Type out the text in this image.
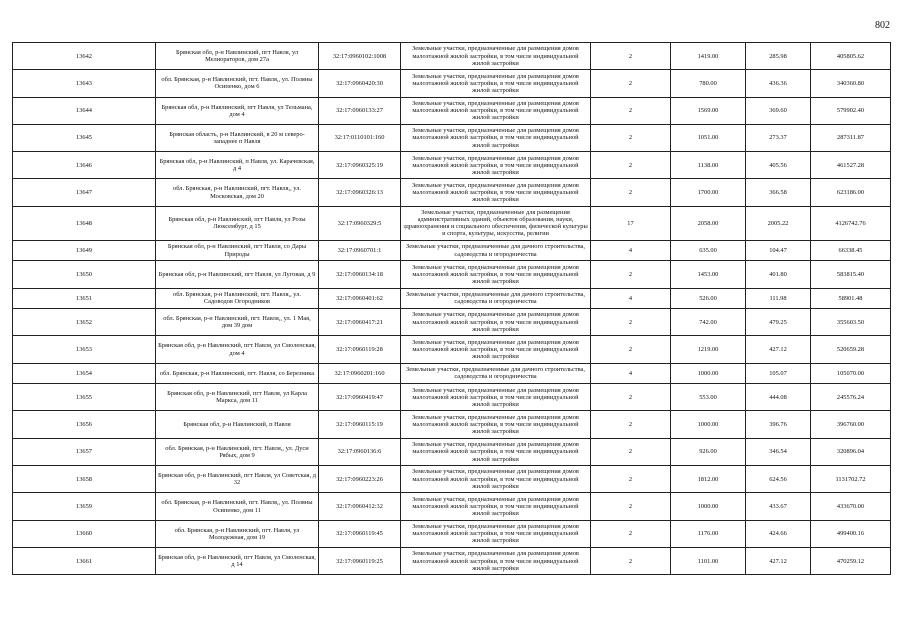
802
13642	Брянская обл, р-н Навлинский, пгт Навля, ул Мелиораторов, дом 27а	32:17:0960102:1008	Земельные участки, предназначенные для размещения домов малоэтажной жилой застройки, в том числе индивидуальной жилой застройки	2	1419.00	285.98	405805.62
13643	обл. Брянская, р-н Навлинский, пгт. Навля,, ул. Поляны Осипенко, дом 6	32:17:0960420:30	Земельные участки, предназначенные для размещения домов малоэтажной жилой застройки, в том числе индивидуальной жилой застройки	2	780.00	436.36	340360.80
13644	Брянская обл, р-н Навлинский, пгт Навля, ул Тельмана, дом 4	32:17:0960133:27	Земельные участки, предназначенные для размещения домов малоэтажной жилой застройки, в том числе индивидуальной жилой застройки	2	1569.00	369.60	579902.40
13645	Брянская область, р-н Навлинский, в 20 м северо-западнее п Навля	32:17:0110101:160	Земельные участки, предназначенные для размещения домов малоэтажной жилой застройки, в том числе индивидуальной жилой застройки	2	1051.00	273.37	287311.87
13646	Брянская обл, р-н Навлинский, п Навля, ул. Карачевская, д 4	32:17:0960325:19	Земельные участки, предназначенные для размещения домов малоэтажной жилой застройки, в том числе индивидуальной жилой застройки	2	1138.00	405.56	461527.28
13647	обл. Брянская, р-н Навлинский, пгт. Навля,, ул. Московская, дом 20	32:17:0960326:13	Земельные участки, предназначенные для размещения домов малоэтажной жилой застройки, в том числе индивидуальной жилой застройки	2	1700.00	366.58	623186.00
13648	Брянская обл, р-н Навлинский, пгт Навля, ул Розы Люксембург, д 15	32:17:0960329:5	Земельные участки, предназначенные для размещения административных зданий, объектов образования, науки, здравоохранения и социального обеспечения, физической культуры и спорта, культуры, искусства, религии	17	2058.00	2005.22	4126742.76
13649	Брянская обл, р-н Навлинский, пгт Навля, со Дары Природы	32:17:0960701:1	Земельные участки, предназначенные для дачного строительства, садоводства и огородничества	4	635.00	104.47	66338.45
13650	Брянская обл, р-н Навлинский, пгт Навля, ул Луговая, д 9	32:17:0960134:18	Земельные участки, предназначенные для размещения домов малоэтажной жилой застройки, в том числе индивидуальной жилой застройки	2	1453.00	401.80	583815.40
13651	обл. Брянская, р-н Навлинский, пгт. Навля,, ул. Садоводов Огородников	32:17:0960401:62	Земельные участки, предназначенные для дачного строительства, садоводства и огородничества	4	526.00	111.98	58901.48
13652	обл. Брянская, р-н Навлинский, пгт. Навля,, ул. 1 Мая, дом 39 дом	32:17:0960417:21	Земельные участки, предназначенные для размещения домов малоэтажной жилой застройки, в том числе индивидуальной жилой застройки	2	742.00	479.25	355603.50
13653	Брянская обл, р-н Навлинский, пгт Навля, ул Смоленская, дом 4	32:17:0960119:28	Земельные участки, предназначенные для размещения домов малоэтажной жилой застройки, в том числе индивидуальной жилой застройки	2	1219.00	427.12	520659.28
13654	обл. Брянская, р-н Навлинский, пгт. Навля, со Березника	32:17:0960201:160	Земельные участки, предназначенные для дачного строительства, садоводства и огородничества	4	1000.00	105.07	105070.00
13655	Брянская обл, р-н Навлинский, пгт Навля, ул Карла Маркса, дом 11	32:17:0960419:47	Земельные участки, предназначенные для размещения домов малоэтажной жилой застройки, в том числе индивидуальной жилой застройки	2	553.00	444.08	245576.24
13656	Брянская обл, р-н Навлинский, п Навля	32:17:0960115:19	Земельные участки, предназначенные для размещения домов малоэтажной жилой застройки, в том числе индивидуальной жилой застройки	2	1000.00	396.76	396760.00
13657	обл. Брянская, р-н Навлинский, пгт. Навля,, ул. Дуси Рябых, дом 9	32:17:0960136:6	Земельные участки, предназначенные для размещения домов малоэтажной жилой застройки, в том числе индивидуальной жилой застройки	2	926.00	346.54	320896.04
13658	Брянская обл, р-н Навлинский, пгт Навля, ул Советская, д 32	32:17:0960223:26	Земельные участки, предназначенные для размещения домов малоэтажной жилой застройки, в том числе индивидуальной жилой застройки	2	1812.00	624.56	1131702.72
13659	обл. Брянская, р-н Навлинский, пгт. Навля,, ул. Поляны Осипенко, дом 11	32:17:0960412:32	Земельные участки, предназначенные для размещения домов малоэтажной жилой застройки, в том числе индивидуальной жилой застройки	2	1000.00	433.67	433670.00
13660	обл. Брянская, р-н Навлинский, пгт. Навля, ул Молодежная, дом 19	32:17:0960119:45	Земельные участки, предназначенные для размещения домов малоэтажной жилой застройки, в том числе индивидуальной жилой застройки	2	1176.00	424.66	499400.16
13661	Брянская обл, р-н Навлинский, пгт Навля, ул Смоленская, д 14	32:17:0960119:25	Земельные участки, предназначенные для размещения домов малоэтажной жилой застройки, в том числе индивидуальной жилой застройки	2	1101.00	427.12	470259.12
